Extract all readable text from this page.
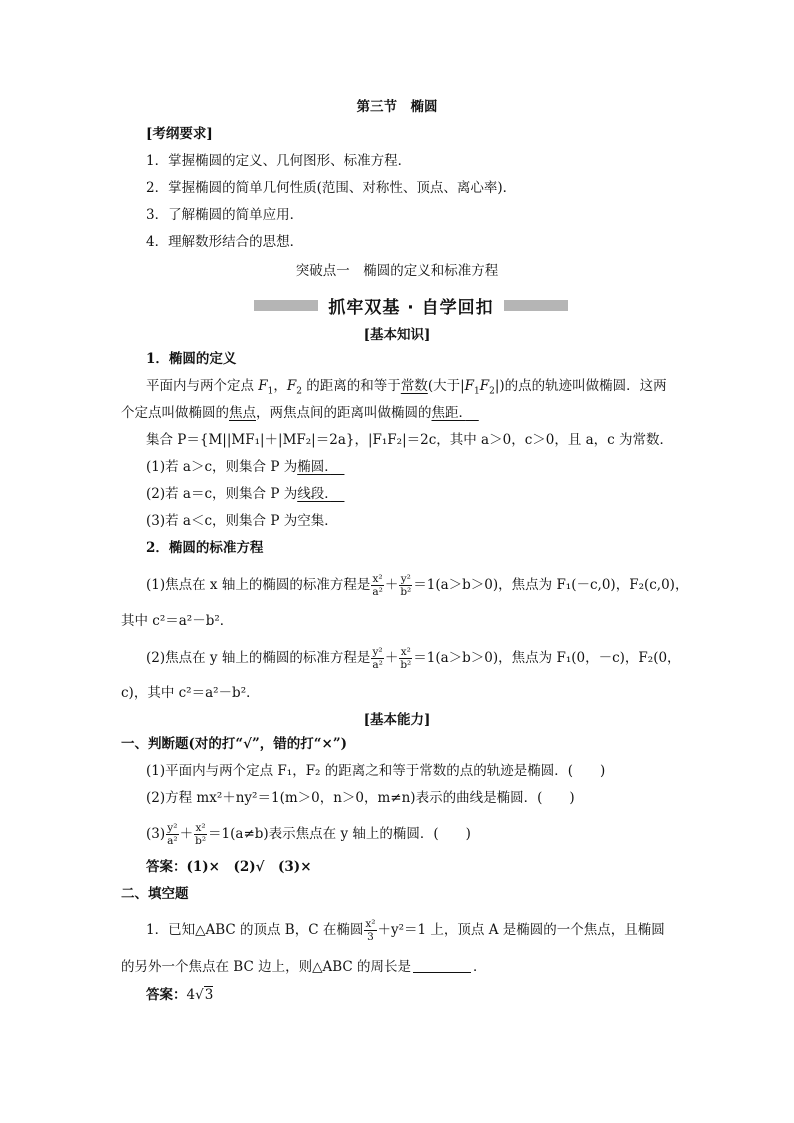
第三节　椭圆
[考纲要求]
1．掌握椭圆的定义、几何图形、标准方程．
2．掌握椭圆的简单几何性质(范围、对称性、顶点、离心率)．
3．了解椭圆的简单应用．
4．理解数形结合的思想．
突破点一　椭圆的定义和标准方程
抓牢双基 · 自学回扣
[基本知识]
1．椭圆的定义
平面内与两个定点 $F_1$，$F_2$ 的距离的和等于常数(大于$|F_1F_2|$)的点的轨迹叫做椭圆．这两
个定点叫做椭圆的焦点，两焦点间的距离叫做椭圆的焦距．　
集合 P＝{M||MF₁|＋|MF₂|＝2a}，|F₁F₂|＝2c，其中 a＞0，c＞0，且 a，c 为常数．
(1)若 a＞c，则集合 P 为椭圆．　
(2)若 a＝c，则集合 P 为线段．　
(3)若 a＜c，则集合 P 为空集．
2．椭圆的标准方程
(1)焦点在 x 轴上的椭圆的标准方程是 $\frac{\text{x²}}{\text{a²}} + \frac{\text{y²}}{\text{b²}} =1(a>b>0)$，焦点为 F₁(－c,0)，F₂(c,0)，
其中 c²＝a²－b²．
(2)焦点在 y 轴上的椭圆的标准方程是 $\frac{\text{y²}}{\text{a²}} + \frac{\text{x²}}{\text{b²}} =1(a>b>0)$，焦点为 F₁(0，－c)，F₂(0，
c)，其中 c²＝a²－b²．
[基本能力]
一、判断题(对的打“√”，错的打“×”)
(1)平面内与两个定点 F₁，F₂ 的距离之和等于常数的点的轨迹是椭圆．(　　)
(2)方程 mx²＋ny²＝1(m＞0，n＞0，m≠n)表示的曲线是椭圆．(　　)
$(3) \frac{\text{y²}}{\text{a²}} + \frac{\text{x²}}{\text{b²}} =1(a\ne b)$表示焦点在 y 轴上的椭圆．(　　)
答案：(1)×　(2)√　(3)×
二、填空题
1．已知△ABC 的顶点 B，C 在椭圆 $\frac{\text{x²}}{3} +y^2=1$ 上，顶点 A 是椭圆的一个焦点，且椭圆
的另外一个焦点在 BC 边上，则△ABC 的周长是	．
答案：4√3
